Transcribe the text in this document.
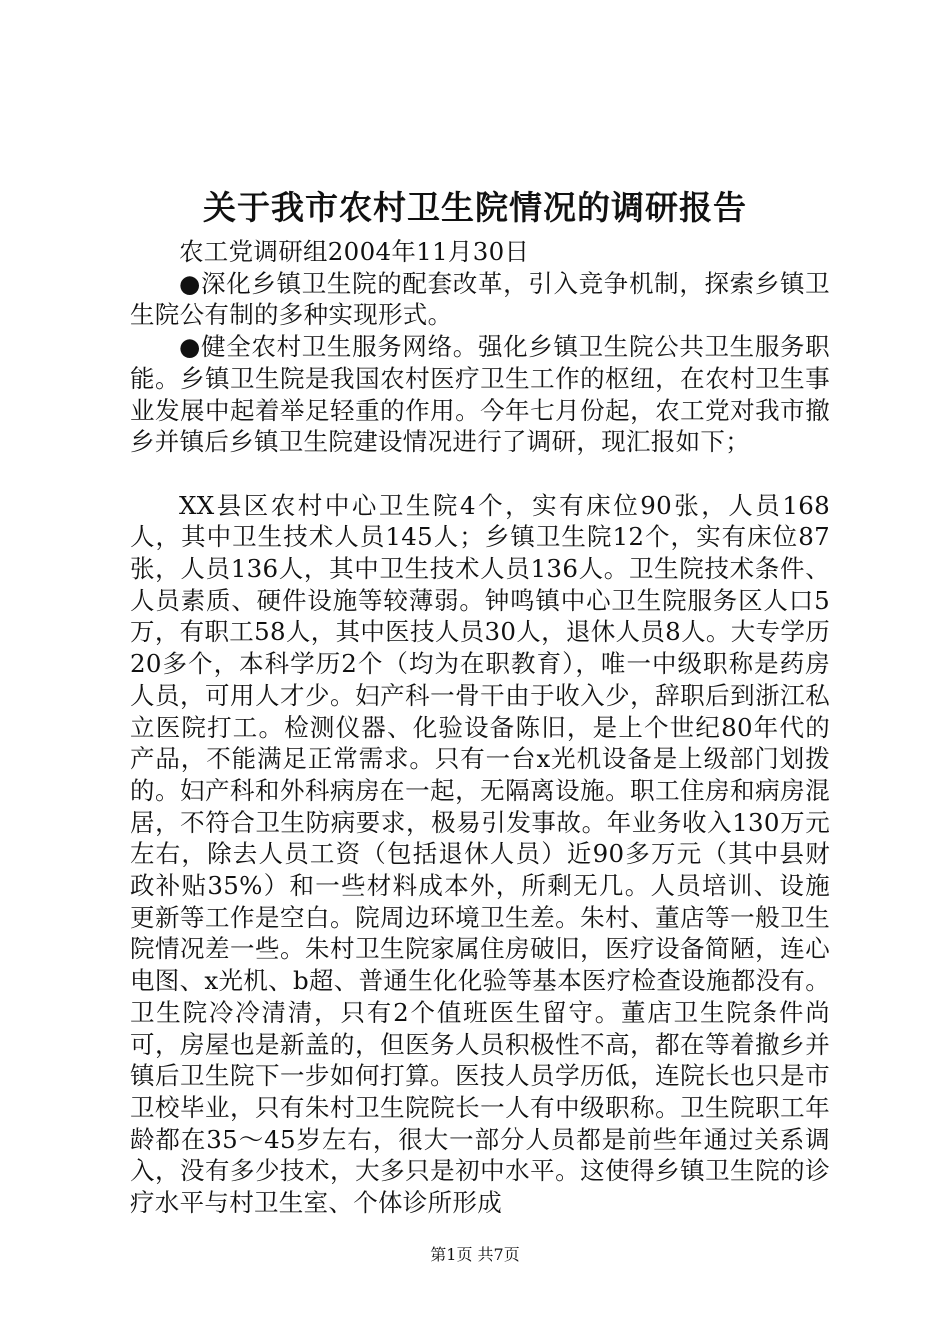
关于我市农村卫生院情况的调研报告

农工党调研组2004年11月30日

●深化乡镇卫生院的配套改革，引入竞争机制，探索乡镇卫生院公有制的多种实现形式。

●健全农村卫生服务网络。强化乡镇卫生院公共卫生服务职能。乡镇卫生院是我国农村医疗卫生工作的枢纽，在农村卫生事业发展中起着举足轻重的作用。今年七月份起，农工党对我市撤乡并镇后乡镇卫生院建设情况进行了调研，现汇报如下；

XX县区农村中心卫生院4个，实有床位90张，人员168人，其中卫生技术人员145人；乡镇卫生院12个，实有床位87张，人员136人，其中卫生技术人员136人。卫生院技术条件、人员素质、硬件设施等较薄弱。钟鸣镇中心卫生院服务区人口5万，有职工58人，其中医技人员30人，退休人员8人。大专学历20多个，本科学历2个（均为在职教育），唯一中级职称是药房人员，可用人才少。妇产科一骨干由于收入少，辞职后到浙江私立医院打工。检测仪器、化验设备陈旧，是上个世纪80年代的产品，不能满足正常需求。只有一台x光机设备是上级部门划拨的。妇产科和外科病房在一起，无隔离设施。职工住房和病房混居，不符合卫生防病要求，极易引发事故。年业务收入130万元左右，除去人员工资（包括退休人员）近90多万元（其中县财政补贴35%）和一些材料成本外，所剩无几。人员培训、设施更新等工作是空白。院周边环境卫生差。朱村、董店等一般卫生院情况差一些。朱村卫生院家属住房破旧，医疗设备简陋，连心电图、x光机、b超、普通生化化验等基本医疗检查设施都没有。卫生院冷冷清清，只有2个值班医生留守。董店卫生院条件尚可，房屋也是新盖的，但医务人员积极性不高，都在等着撤乡并镇后卫生院下一步如何打算。医技人员学历低，连院长也只是市卫校毕业，只有朱村卫生院院长一人有中级职称。卫生院职工年龄都在35～45岁左右，很大一部分人员都是前些年通过关系调入，没有多少技术，大多只是初中水平。这使得乡镇卫生院的诊疗水平与村卫生室、个体诊所形成

第1页 共7页
